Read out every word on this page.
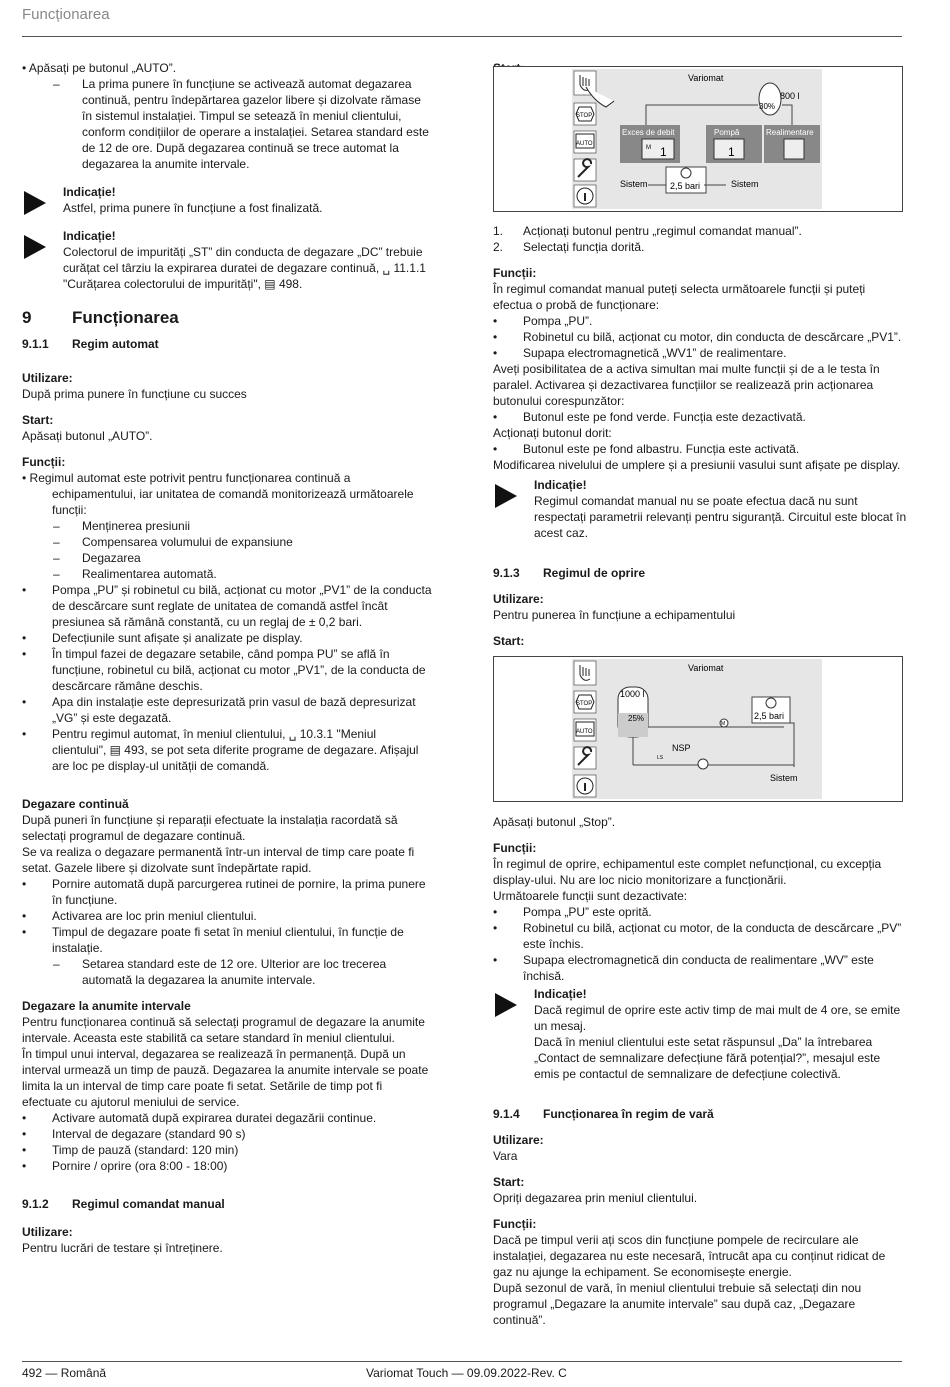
Funcționarea

• Apăsați pe butonul „AUTO”.

–	La prima punere în funcțiune se activează automat degazarea continuă, pentru îndepărtarea gazelor libere și dizolvate rămase în sistemul instalației. Timpul se setează în meniul clientului, conform condițiilor de operare a instalației. Setarea standard este de 12 de ore. După degazarea continuă se trece automat la degazarea la anumite intervale.

Indicație!

Astfel, prima punere în funcțiune a fost finalizată.

Indicație!

Colectorul de impurități „ST” din conducta de degazare „DC” trebuie curățat cel târziu la expirarea duratei de degazare continuă, ␣ 11.1.1 "Curățarea colectorului de impurități", ▤ 498.

9	Funcționarea
9.1.1	Regim automat

Utilizare:

După prima punere în funcțiune cu succes

Start:

Apăsați butonul „AUTO”.

Funcții:

• Regimul automat este potrivit pentru funcționarea continuă a echipamentului, iar unitatea de comandă monitorizează următoarele funcții:

–	Menținerea presiunii
–	Compensarea volumului de expansiune
–	Degazarea
–	Realimentarea automată.
•	Pompa „PU” și robinetul cu bilă, acționat cu motor „PV1” de la conducta de descărcare sunt reglate de unitatea de comandă astfel încât presiunea să rămână constantă, cu un reglaj de ± 0,2 bari.
•	Defecțiunile sunt afișate și analizate pe display.
•	În timpul fazei de degazare setabile, când pompa PU” se află în funcțiune, robinetul cu bilă, acționat cu motor „PV1”, de la conducta de descărcare rămâne deschis.
•	Apa din instalație este depresurizată prin vasul de bază depresurizat „VG” și este degazată.
•	Pentru regimul automat, în meniul clientului, ␣ 10.3.1 "Meniul clientului", ▤ 493, se pot seta diferite programe de degazare. Afișajul are loc pe display-ul unității de comandă.

Degazare continuă

După puneri în funcțiune și reparații efectuate la instalația racordată să selectați programul de degazare continuă.

Se va realiza o degazare permanentă într-un interval de timp care poate fi setat. Gazele libere și dizolvate sunt îndepărtate rapid.

•	Pornire automată după parcurgerea rutinei de pornire, la prima punere în funcțiune.
•	Activarea are loc prin meniul clientului.
•	Timpul de degazare poate fi setat în meniul clientului, în funcție de instalație.
–	Setarea standard este de 12 ore. Ulterior are loc trecerea automată la degazarea la anumite intervale.

Degazare la anumite intervale

Pentru funcționarea continuă să selectați programul de degazare la anumite intervale. Aceasta este stabilită ca setare standard în meniul clientului.

În timpul unui interval, degazarea se realizează în permanență. După un interval urmează un timp de pauză. Degazarea la anumite intervale se poate limita la un interval de timp care poate fi setat. Setările de timp pot fi efectuate cu ajutorul meniului de service.

•	Activare automată după expirarea duratei degazării continue.
•	Interval de degazare (standard 90 s)
•	Timp de pauză (standard: 120 min)
•	Pornire / oprire (ora 8:00 - 18:00)
9.1.2	Regimul comandat manual

Utilizare:

Pentru lucrări de testare și întreținere.

Variomat
800 l
30%
Exces de debit	Pompă	Realimentare
M 1	1
Sistem	Sistem
2,5 bari
STOP
AUTO
1.	Acționați butonul pentru „regimul comandat manual”.
2.	Selectați funcția dorită.

Funcții:

În regimul comandat manual puteți selecta următoarele funcții și puteți efectua o probă de funcționare:

•	Pompa „PU”.
•	Robinetul cu bilă, acționat cu motor, din conducta de descărcare „PV1”.
•	Supapa electromagnetică „WV1” de realimentare.

Aveți posibilitatea de a activa simultan mai multe funcții și de a le testa în paralel. Activarea și dezactivarea funcțiilor se realizează prin acționarea butonului corespunzător:

•	Butonul este pe fond verde. Funcția este dezactivată.

Acționați butonul dorit:

•	Butonul este pe fond albastru. Funcția este activată.

Modificarea nivelului de umplere și a presiunii vasului sunt afișate pe display.

Indicație!

Regimul comandat manual nu se poate efectua dacă nu sunt respectați parametrii relevanți pentru siguranță. Circuitul este blocat în acest caz.

9.1.3	Regimul de oprire

Utilizare:

Pentru punerea în funcțiune a echipamentului

Start:

Variomat
1000 l
25%	2,5 bari
NSP
Sistem
M
LS
STOP
AUTO

Apăsați butonul „Stop”.

Funcții:

În regimul de oprire, echipamentul este complet nefuncțional, cu excepția display-ului. Nu are loc nicio monitorizare a funcționării.

Următoarele funcții sunt dezactivate:

•	Pompa „PU” este oprită.
•	Robinetul cu bilă, acționat cu motor, de la conducta de descărcare „PV” este închis.
•	Supapa electromagnetică din conducta de realimentare „WV” este închisă.

Indicație!

Dacă regimul de oprire este activ timp de mai mult de 4 ore, se emite un mesaj.

Dacă în meniul clientului este setat răspunsul „Da” la întrebarea „Contact de semnalizare defecțiune fără potențial?”, mesajul este emis pe contactul de semnalizare de defecțiune colectivă.

9.1.4	Funcționarea în regim de vară

Utilizare:

Vara

Start:

Opriți degazarea prin meniul clientului.

Funcții:

Dacă pe timpul verii ați scos din funcțiune pompele de recirculare ale instalației, degazarea nu este necesară, întrucât apa cu conținut ridicat de gaz nu ajunge la echipament. Se economisește energie.

După sezonul de vară, în meniul clientului trebuie să selectați din nou programul „Degazare la anumite intervale” sau după caz, „Degazare continuă”.

492 — Română	Variomat Touch — 09.09.2022-Rev. C
